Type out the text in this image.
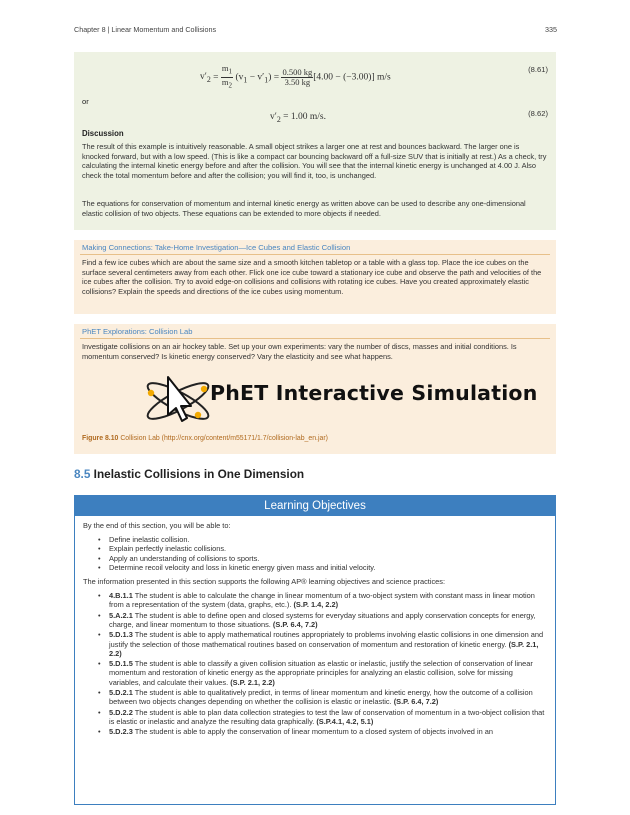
Chapter 8 | Linear Momentum and Collisions	335
$v'_2 = \frac{m_1}{m_2} (v_1 - v'_1) = \frac{0.500 kg}{3.50 kg} [4.00 - (-3.00)]$ m/s
(8.61)
or
$v'_2 = 1.00$ m/s.	(8.62)
Discussion
The result of this example is intuitively reasonable. A small object strikes a larger one at rest and bounces backward. The larger one is knocked forward, but with a low speed. (This is like a compact car bouncing backward off a full-size SUV that is initially at rest.) As a check, try calculating the internal kinetic energy before and after the collision. You will see that the internal kinetic energy is unchanged at 4.00 J. Also check the total momentum before and after the collision; you will find it, too, is unchanged.
The equations for conservation of momentum and internal kinetic energy as written above can be used to describe any one-dimensional elastic collision of two objects. These equations can be extended to more objects if needed.
Making Connections: Take-Home Investigation—Ice Cubes and Elastic Collision
Find a few ice cubes which are about the same size and a smooth kitchen tabletop or a table with a glass top. Place the ice cubes on the surface several centimeters away from each other. Flick one ice cube toward a stationary ice cube and observe the path and velocities of the ice cubes after the collision. Try to avoid edge-on collisions and collisions with rotating ice cubes. Have you created approximately elastic collisions? Explain the speeds and directions of the ice cubes using momentum.
PhET Explorations: Collision Lab
Investigate collisions on an air hockey table. Set up your own experiments: vary the number of discs, masses and initial conditions. Is momentum conserved? Is kinetic energy conserved? Vary the elasticity and see what happens.
PhET Interactive Simulation
Figure 8.10 Collision Lab (http://cnx.org/content/m55171/1.7/collision-lab_en.jar)
8.5 Inelastic Collisions in One Dimension
Learning Objectives

By the end of this section, you will be able to:

• Define inelastic collision.
• Explain perfectly inelastic collisions.
• Apply an understanding of collisions to sports.
• Determine recoil velocity and loss in kinetic energy given mass and initial velocity.

The information presented in this section supports the following AP® learning objectives and science practices:

• 4.B.1.1 The student is able to calculate the change in linear momentum of a two-object system with constant mass in linear motion from a representation of the system (data, graphs, etc.). (S.P. 1.4, 2.2)
• 5.A.2.1 The student is able to define open and closed systems for everyday situations and apply conservation concepts for energy, charge, and linear momentum to those situations. (S.P. 6.4, 7.2)
• 5.D.1.3 The student is able to apply mathematical routines appropriately to problems involving elastic collisions in one dimension and justify the selection of those mathematical routines based on conservation of momentum and restoration of kinetic energy. (S.P. 2.1, 2.2)
• 5.D.1.5 The student is able to classify a given collision situation as elastic or inelastic, justify the selection of conservation of linear momentum and restoration of kinetic energy as the appropriate principles for analyzing an elastic collision, solve for missing variables, and calculate their values. (S.P. 2.1, 2.2)
• 5.D.2.1 The student is able to qualitatively predict, in terms of linear momentum and kinetic energy, how the outcome of a collision between two objects changes depending on whether the collision is elastic or inelastic. (S.P. 6.4, 7.2)
• 5.D.2.2 The student is able to plan data collection strategies to test the law of conservation of momentum in a two-object collision that is elastic or inelastic and analyze the resulting data graphically. (S.P.4.1, 4.2, 5.1)
• 5.D.2.3 The student is able to apply the conservation of linear momentum to a closed system of objects involved in an
